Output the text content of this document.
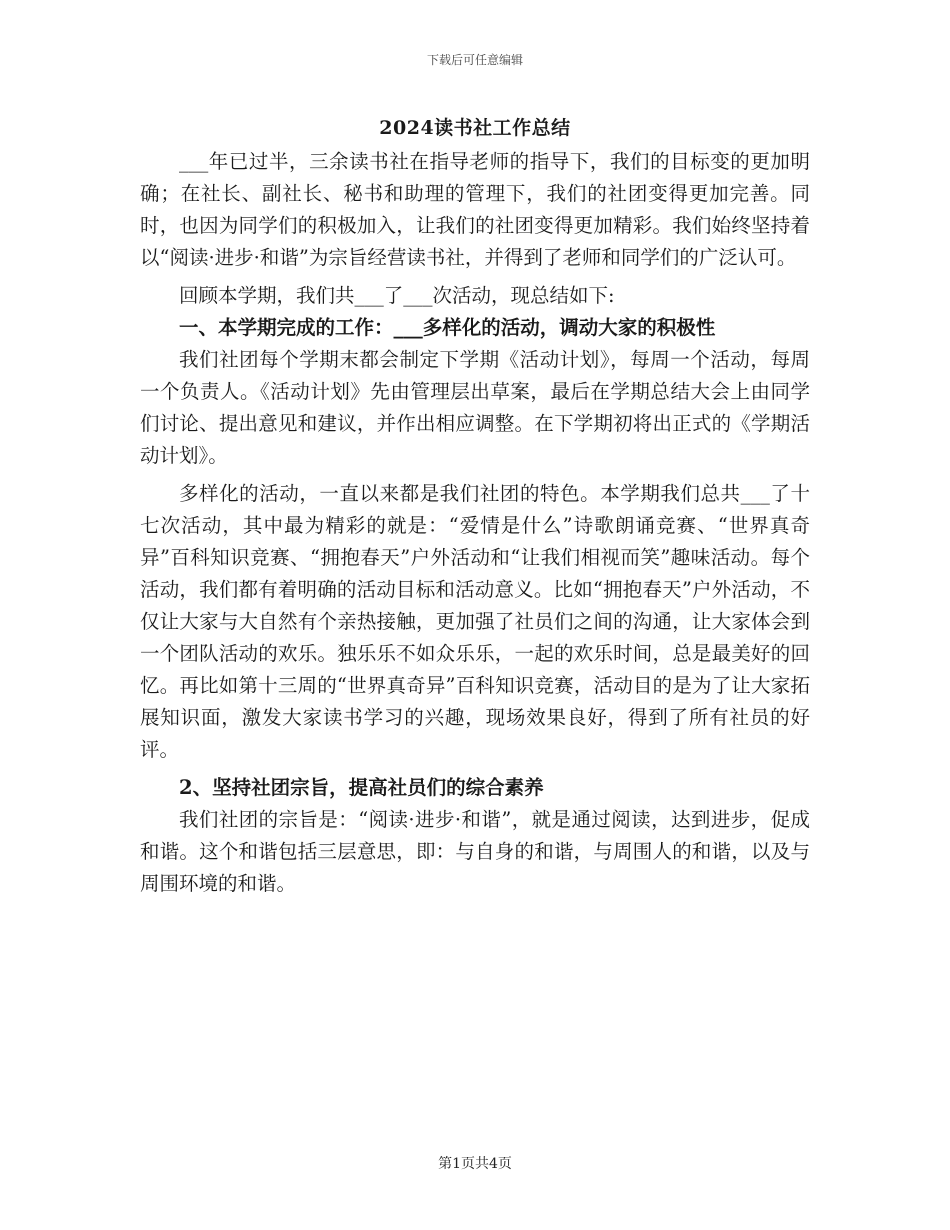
下载后可任意编辑
2024读书社工作总结

___年已过半，三余读书社在指导老师的指导下，我们的目标变的更加明确；在社长、副社长、秘书和助理的管理下，我们的社团变得更加完善。同时，也因为同学们的积极加入，让我们的社团变得更加精彩。我们始终坚持着以“阅读·进步·和谐”为宗旨经营读书社，并得到了老师和同学们的广泛认可。

回顾本学期，我们共___了___次活动，现总结如下:

一、本学期完成的工作：___多样化的活动，调动大家的积极性

我们社团每个学期末都会制定下学期《活动计划》，每周一个活动，每周一个负责人。《活动计划》先由管理层出草案，最后在学期总结大会上由同学们讨论、提出意见和建议，并作出相应调整。在下学期初将出正式的《学期活动计划》。

多样化的活动，一直以来都是我们社团的特色。本学期我们总共___了十七次活动，其中最为精彩的就是：“爱情是什么”诗歌朗诵竞赛、“世界真奇异”百科知识竞赛、“拥抱春天”户外活动和“让我们相视而笑”趣味活动。每个活动，我们都有着明确的活动目标和活动意义。比如“拥抱春天”户外活动，不仅让大家与大自然有个亲热接触，更加强了社员们之间的沟通，让大家体会到一个团队活动的欢乐。独乐乐不如众乐乐，一起的欢乐时间，总是最美好的回忆。再比如第十三周的“世界真奇异”百科知识竞赛，活动目的是为了让大家拓展知识面，激发大家读书学习的兴趣，现场效果良好，得到了所有社员的好评。

2、坚持社团宗旨，提高社员们的综合素养

我们社团的宗旨是：“阅读·进步·和谐”，就是通过阅读，达到进步，促成和谐。这个和谐包括三层意思，即：与自身的和谐，与周围人的和谐，以及与周围环境的和谐。

第1页共4页
